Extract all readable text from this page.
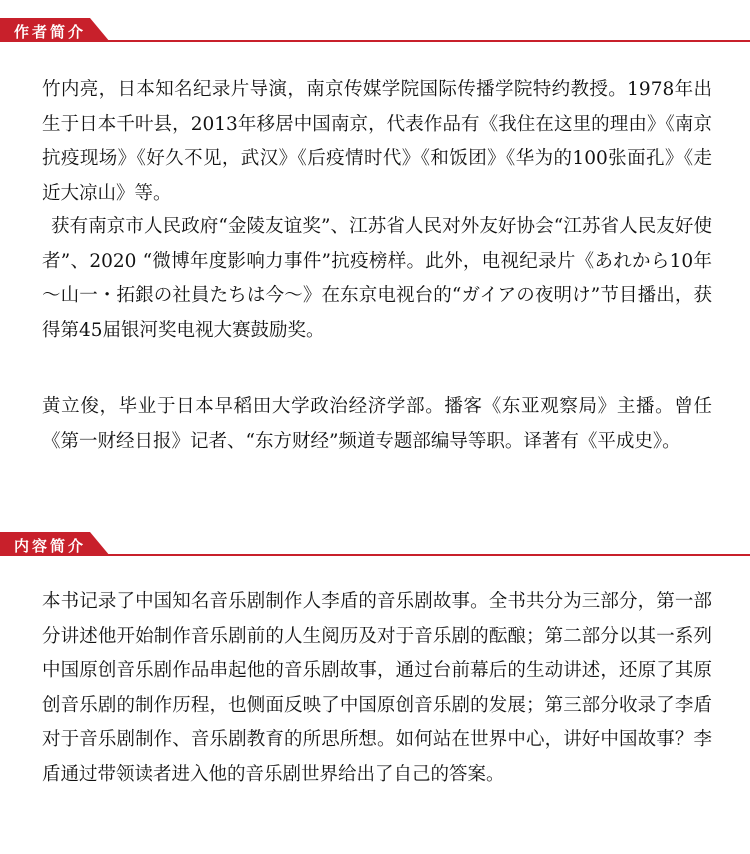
作者简介

竹内亮，日本知名纪录片导演，南京传媒学院国际传播学院特约教授。1978年出生于日本千叶县，2013年移居中国南京，代表作品有《我住在这里的理由》《南京抗疫现场》《好久不见，武汉》《后疫情时代》《和饭团》《华为的100张面孔》《走近大凉山》等。

获有南京市人民政府“金陵友谊奖”、江苏省人民对外友好协会“江苏省人民友好使者”、2020 “微博年度影响力事件”抗疫榜样。此外，电视纪录片《あれから10年 ～山一・拓銀の社員たちは今～》在东京电视台的“ガイアの夜明け”节目播出，获得第45届银河奖电视大赛鼓励奖。

黄立俊，毕业于日本早稻田大学政治经济学部。播客《东亚观察局》主播。曾任《第一财经日报》记者、“东方财经”频道专题部编导等职。译著有《平成史》。

内容简介

本书记录了中国知名音乐剧制作人李盾的音乐剧故事。全书共分为三部分，第一部分讲述他开始制作音乐剧前的人生阅历及对于音乐剧的酝酿；第二部分以其一系列中国原创音乐剧作品串起他的音乐剧故事，通过台前幕后的生动讲述，还原了其原创音乐剧的制作历程，也侧面反映了中国原创音乐剧的发展；第三部分收录了李盾对于音乐剧制作、音乐剧教育的所思所想。如何站在世界中心，讲好中国故事？李盾通过带领读者进入他的音乐剧世界给出了自己的答案。
